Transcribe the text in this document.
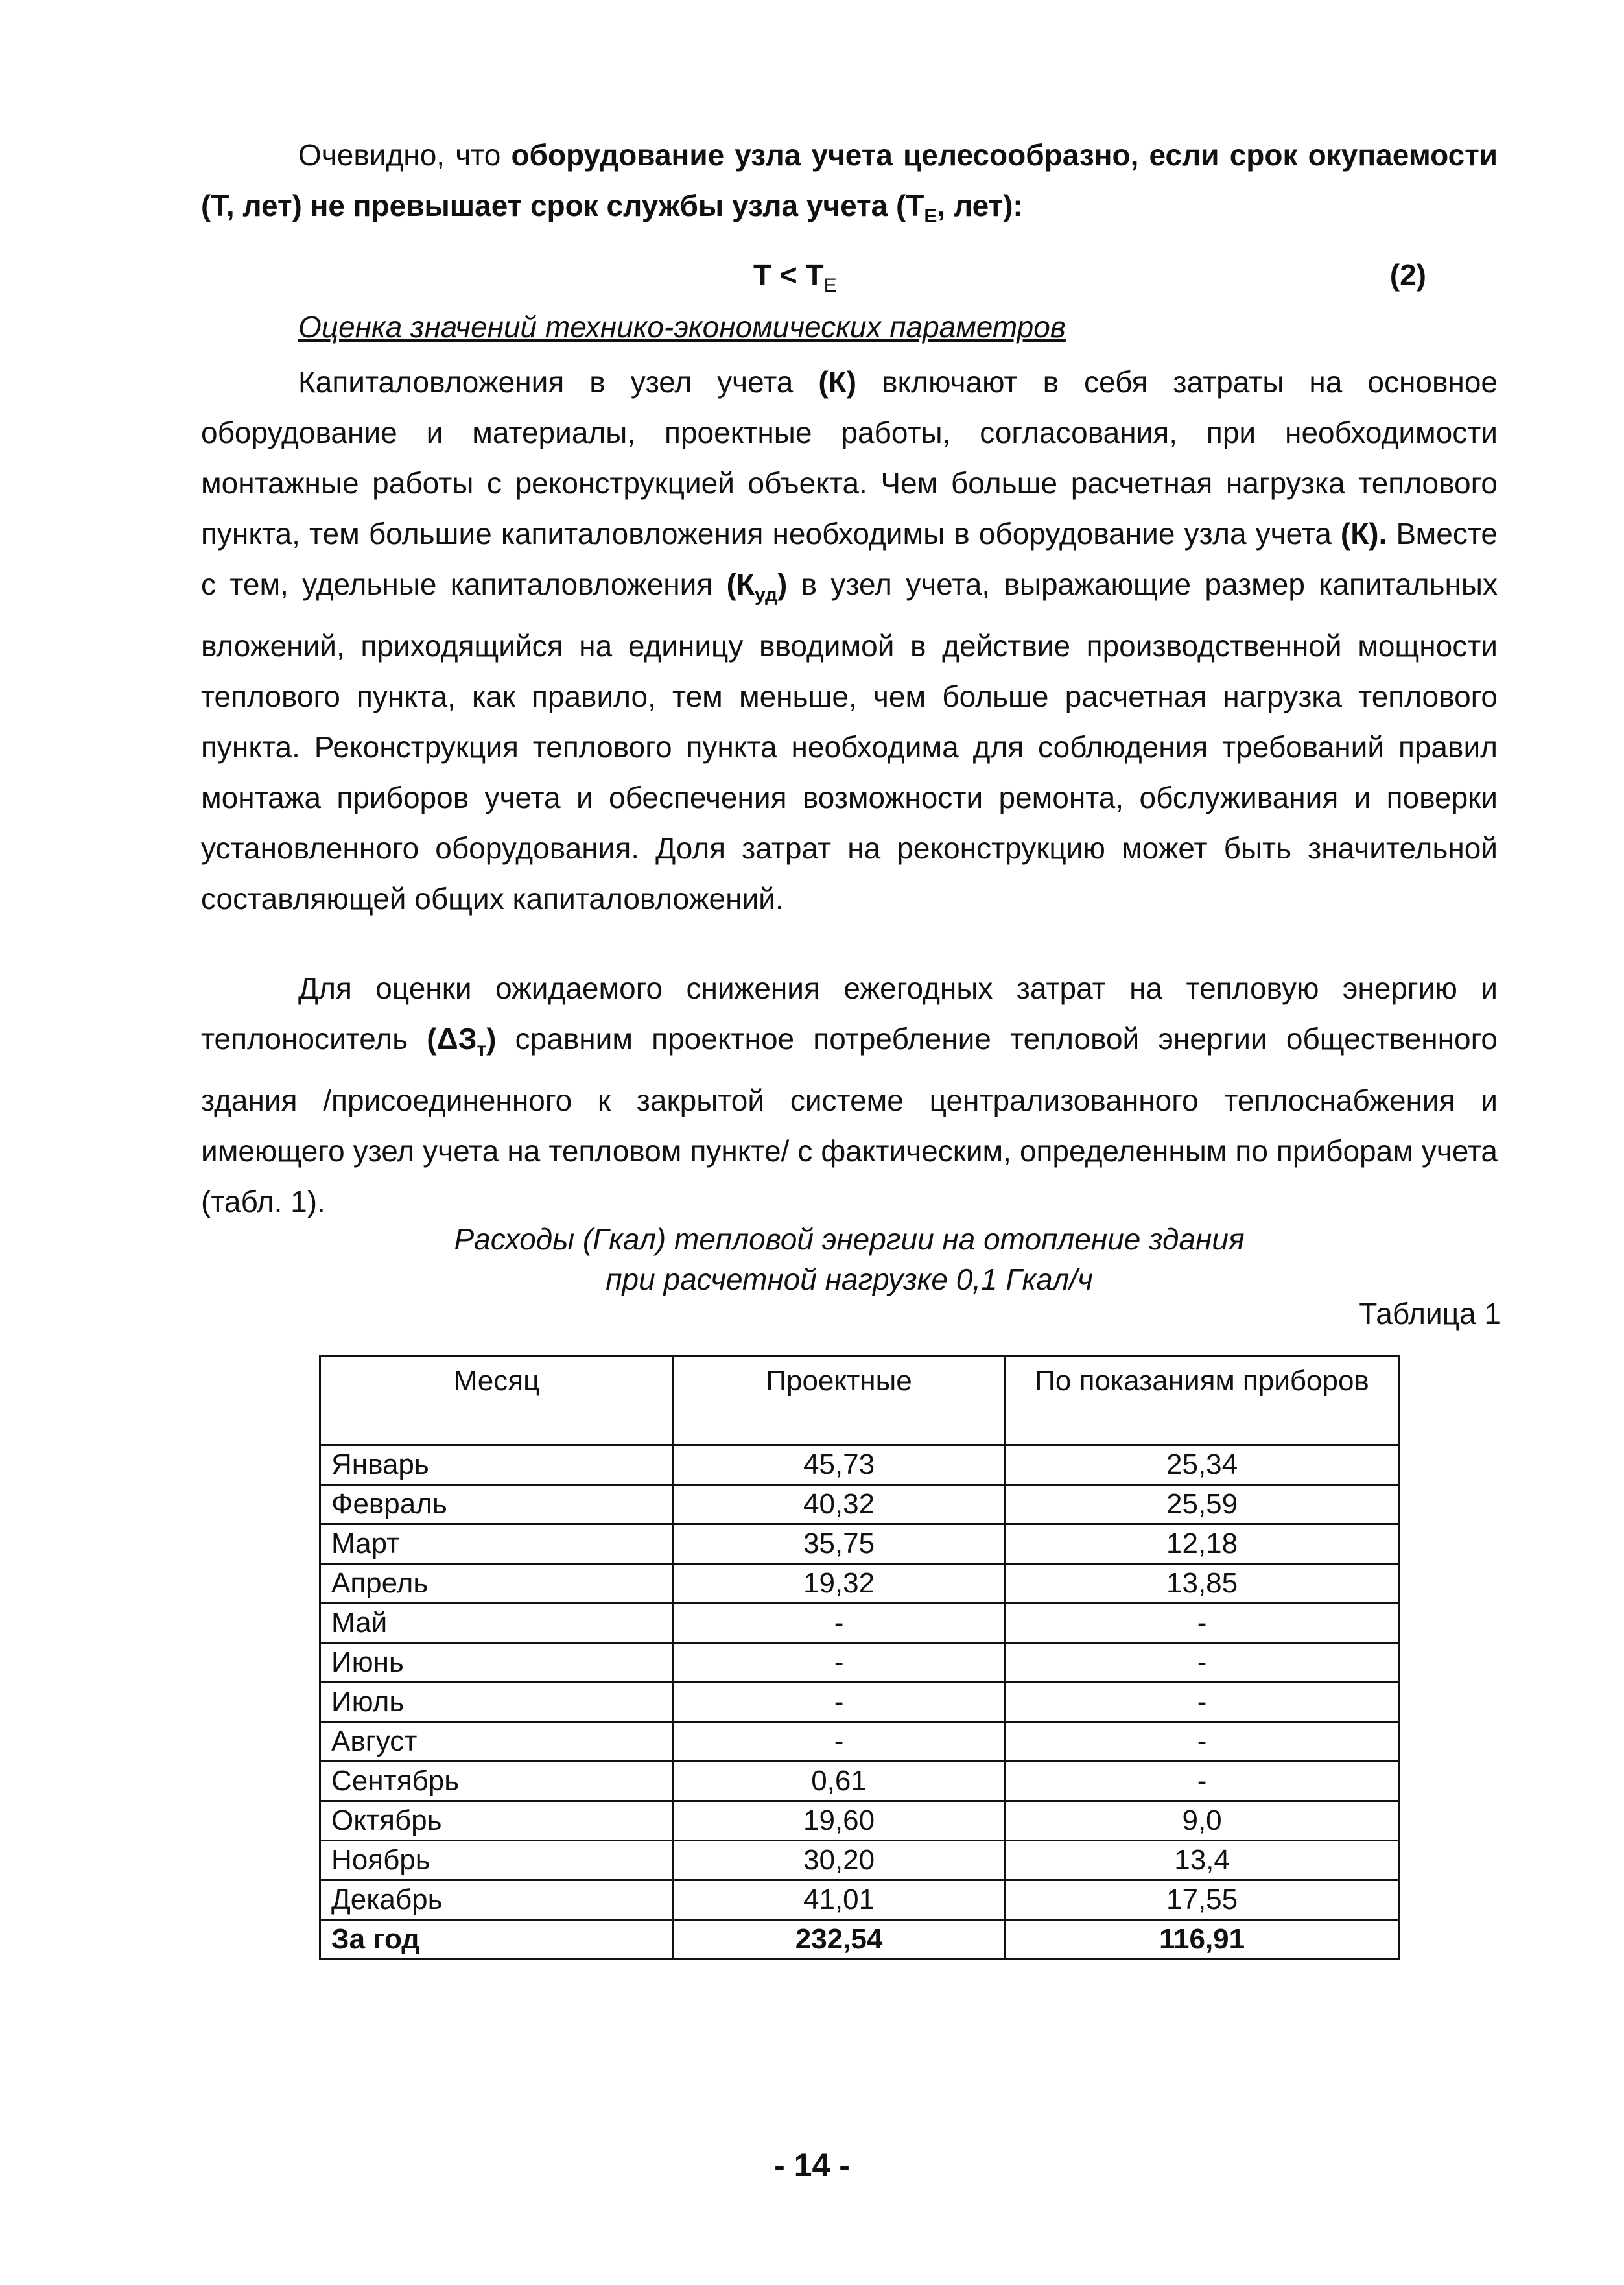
Очевидно, что оборудование узла учета целесообразно, если срок окупаемости (Т, лет) не превышает срок службы узла учета ($Т_Е$, лет):
$Т < Т_Е$	(2)
Оценка значений технико-экономических параметров
Капиталовложения в узел учета (К) включают в себя затраты на основное оборудование и материалы, проектные работы, согласования, при необходимости монтажные работы с реконструкцией объекта. Чем больше расчетная нагрузка теплового пункта, тем большие капиталовложения необходимы в оборудование узла учета (К). Вместе с тем, удельные капиталовложения $(К_{уд})$ в узел учета, выражающие размер капитальных вложений, приходящийся на единицу вводимой в действие производственной мощности теплового пункта, как правило, тем меньше, чем больше расчетная нагрузка теплового пункта. Реконструкция теплового пункта необходима для соблюдения требований правил монтажа приборов учета и обеспечения возможности ремонта, обслуживания и поверки установленного оборудования. Доля затрат на реконструкцию может быть значительной составляющей общих капиталовложений.
Для оценки ожидаемого снижения ежегодных затрат на тепловую энергию и теплоноситель $(\Delta З_т)$ сравним проектное потребление тепловой энергии общественного здания /присоединенного к закрытой системе централизованного теплоснабжения и имеющего узел учета на тепловом пункте/ с фактическим, определенным по приборам учета (табл. 1).
Расходы (Гкал) тепловой энергии на отопление здания
при расчетной нагрузке 0,1 Гкал/ч
Таблица 1
Месяц	Проектные	По показаниям приборов
Январь	45,73	25,34
Февраль	40,32	25,59
Март	35,75	12,18
Апрель	19,32	13,85
Май	-	-
Июнь	-	-
Июль	-	-
Август	-	-
Сентябрь	0,61	-
Октябрь	19,60	9,0
Ноябрь	30,20	13,4
Декабрь	41,01	17,55
За год	232,54	116,91
- 14 -
